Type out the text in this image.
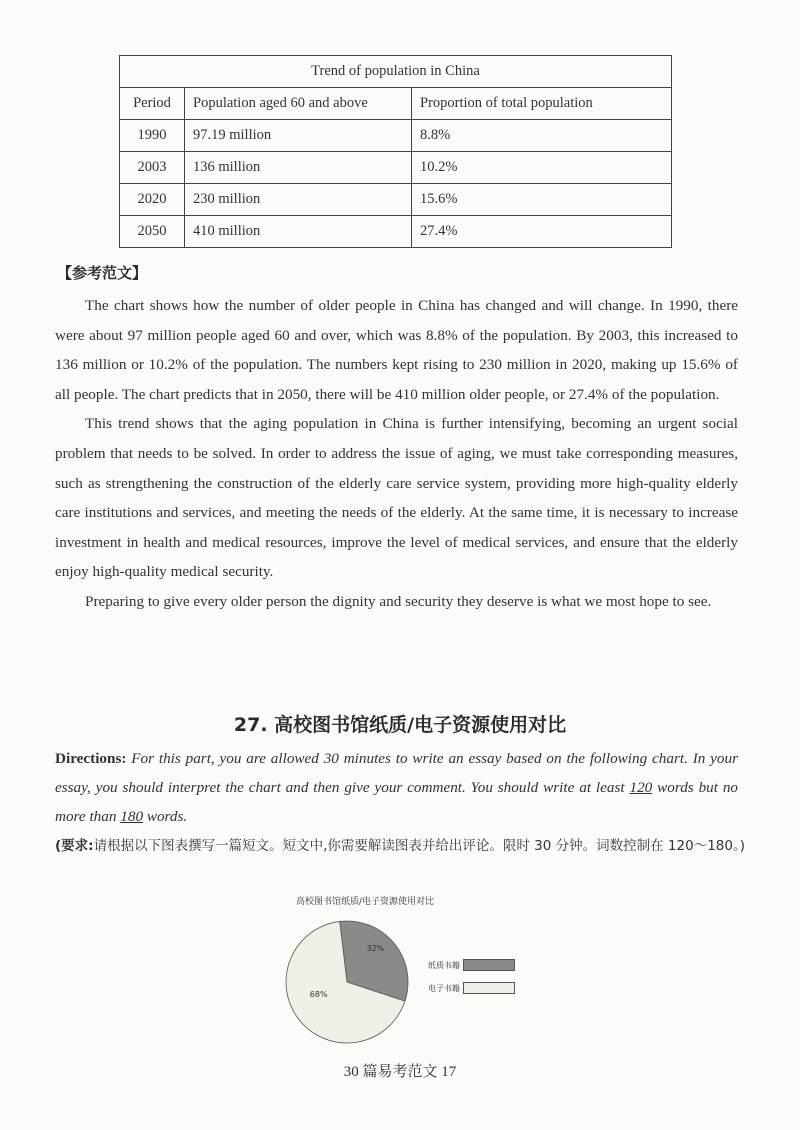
Trend of population in China		
Period	Population aged 60 and above	Proportion of total population
1990	97.19 million	8.8%
2003	136 million	10.2%
2020	230 million	15.6%
2050	410 million	27.4%
【参考范文】

The chart shows how the number of older people in China has changed and will change. In 1990, there were about 97 million people aged 60 and over, which was 8.8% of the population. By 2003, this increased to 136 million or 10.2% of the population. The numbers kept rising to 230 million in 2020, making up 15.6% of all people. The chart predicts that in 2050, there will be 410 million older people, or 27.4% of the population.

This trend shows that the aging population in China is further intensifying, becoming an urgent social problem that needs to be solved. In order to address the issue of aging, we must take corresponding measures, such as strengthening the construction of the elderly care service system, providing more high-quality elderly care institutions and services, and meeting the needs of the elderly. At the same time, it is necessary to increase investment in health and medical resources, improve the level of medical services, and ensure that the elderly enjoy high-quality medical security.

Preparing to give every older person the dignity and security they deserve is what we most hope to see.

27. 高校图书馆纸质/电子资源使用对比
Directions: For this part, you are allowed 30 minutes to write an essay based on the following chart. In your essay, you should interpret the chart and then give your comment. You should write at least 120 words but no more than 180 words.
(要求:请根据以下图表撰写一篇短文。短文中,你需要解读图表并给出评论。限时 30 分钟。词数控制在 120～180。)
高校图书馆纸质/电子资源使用对比
32%
68%
纸质书籍
电子书籍
30 篇易考范文 17
